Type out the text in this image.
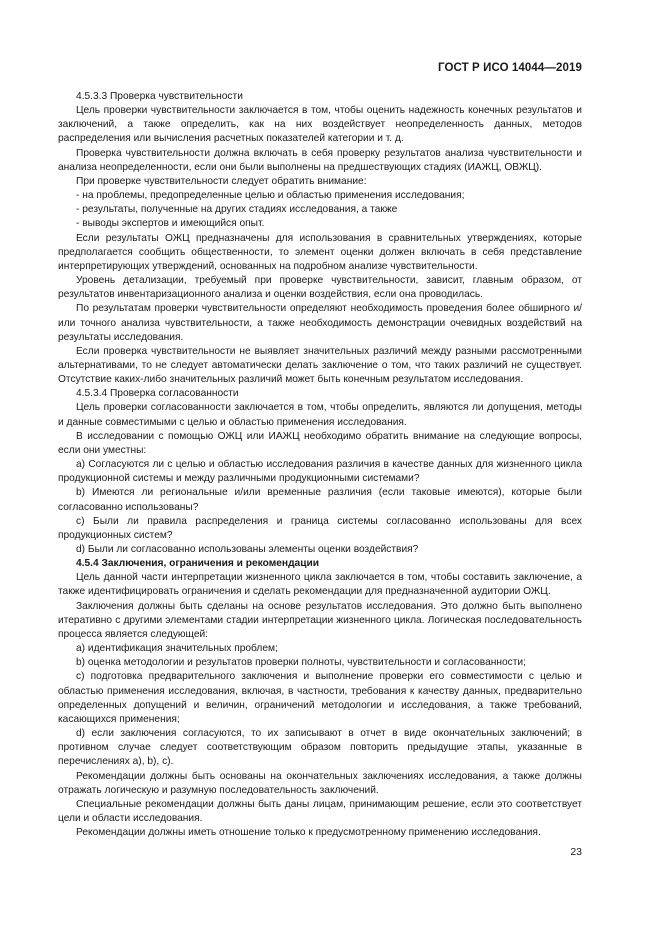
ГОСТ Р ИСО 14044—2019

4.5.3.3 Проверка чувствительности

Цель проверки чувствительности заключается в том, чтобы оценить надежность конечных результатов и заключений, а также определить, как на них воздействует неопределенность данных, методов распределения или вычисления расчетных показателей категории и т. д.

Проверка чувствительности должна включать в себя проверку результатов анализа чувствительности и анализа неопределенности, если они были выполнены на предшествующих стадиях (ИАЖЦ, ОВЖЦ).

При проверке чувствительности следует обратить внимание:

- на проблемы, предопределенные целью и областью применения исследования;

- результаты, полученные на других стадиях исследования, а также

- выводы экспертов и имеющийся опыт.

Если результаты ОЖЦ предназначены для использования в сравнительных утверждениях, которые предполагается сообщить общественности, то элемент оценки должен включать в себя представление интерпретирующих утверждений, основанных на подробном анализе чувствительности.

Уровень детализации, требуемый при проверке чувствительности, зависит, главным образом, от результатов инвентаризационного анализа и оценки воздействия, если она проводилась.

По результатам проверки чувствительности определяют необходимость проведения более обширного и/или точного анализа чувствительности, а также необходимость демонстрации очевидных воздействий на результаты исследования.

Если проверка чувствительности не выявляет значительных различий между разными рассмотренными альтернативами, то не следует автоматически делать заключение о том, что таких различий не существует. Отсутствие каких-либо значительных различий может быть конечным результатом исследования.

4.5.3.4 Проверка согласованности

Цель проверки согласованности заключается в том, чтобы определить, являются ли допущения, методы и данные совместимыми с целью и областью применения исследования.

В исследовании с помощью ОЖЦ или ИАЖЦ необходимо обратить внимание на следующие вопросы, если они уместны:

a) Согласуются ли с целью и областью исследования различия в качестве данных для жизненного цикла продукционной системы и между различными продукционными системами?

b) Имеются ли региональные и/или временные различия (если таковые имеются), которые были согласованно использованы?

c) Были ли правила распределения и граница системы согласованно использованы для всех продукционных систем?

d) Были ли согласованно использованы элементы оценки воздействия?

4.5.4 Заключения, ограничения и рекомендации

Цель данной части интерпретации жизненного цикла заключается в том, чтобы составить заключение, а также идентифицировать ограничения и сделать рекомендации для предназначенной аудитории ОЖЦ.

Заключения должны быть сделаны на основе результатов исследования. Это должно быть выполнено итеративно с другими элементами стадии интерпретации жизненного цикла. Логическая последовательность процесса является следующей:

a) идентификация значительных проблем;

b) оценка методологии и результатов проверки полноты, чувствительности и согласованности;

c) подготовка предварительного заключения и выполнение проверки его совместимости с целью и областью применения исследования, включая, в частности, требования к качеству данных, предварительно определенных допущений и величин, ограничений методологии и исследования, а также требований, касающихся применения;

d) если заключения согласуются, то их записывают в отчет в виде окончательных заключений; в противном случае следует соответствующим образом повторить предыдущие этапы, указанные в перечислениях a), b), c).

Рекомендации должны быть основаны на окончательных заключениях исследования, а также должны отражать логическую и разумную последовательность заключений.

Специальные рекомендации должны быть даны лицам, принимающим решение, если это соответствует цели и области исследования.

Рекомендации должны иметь отношение только к предусмотренному применению исследования.

23
